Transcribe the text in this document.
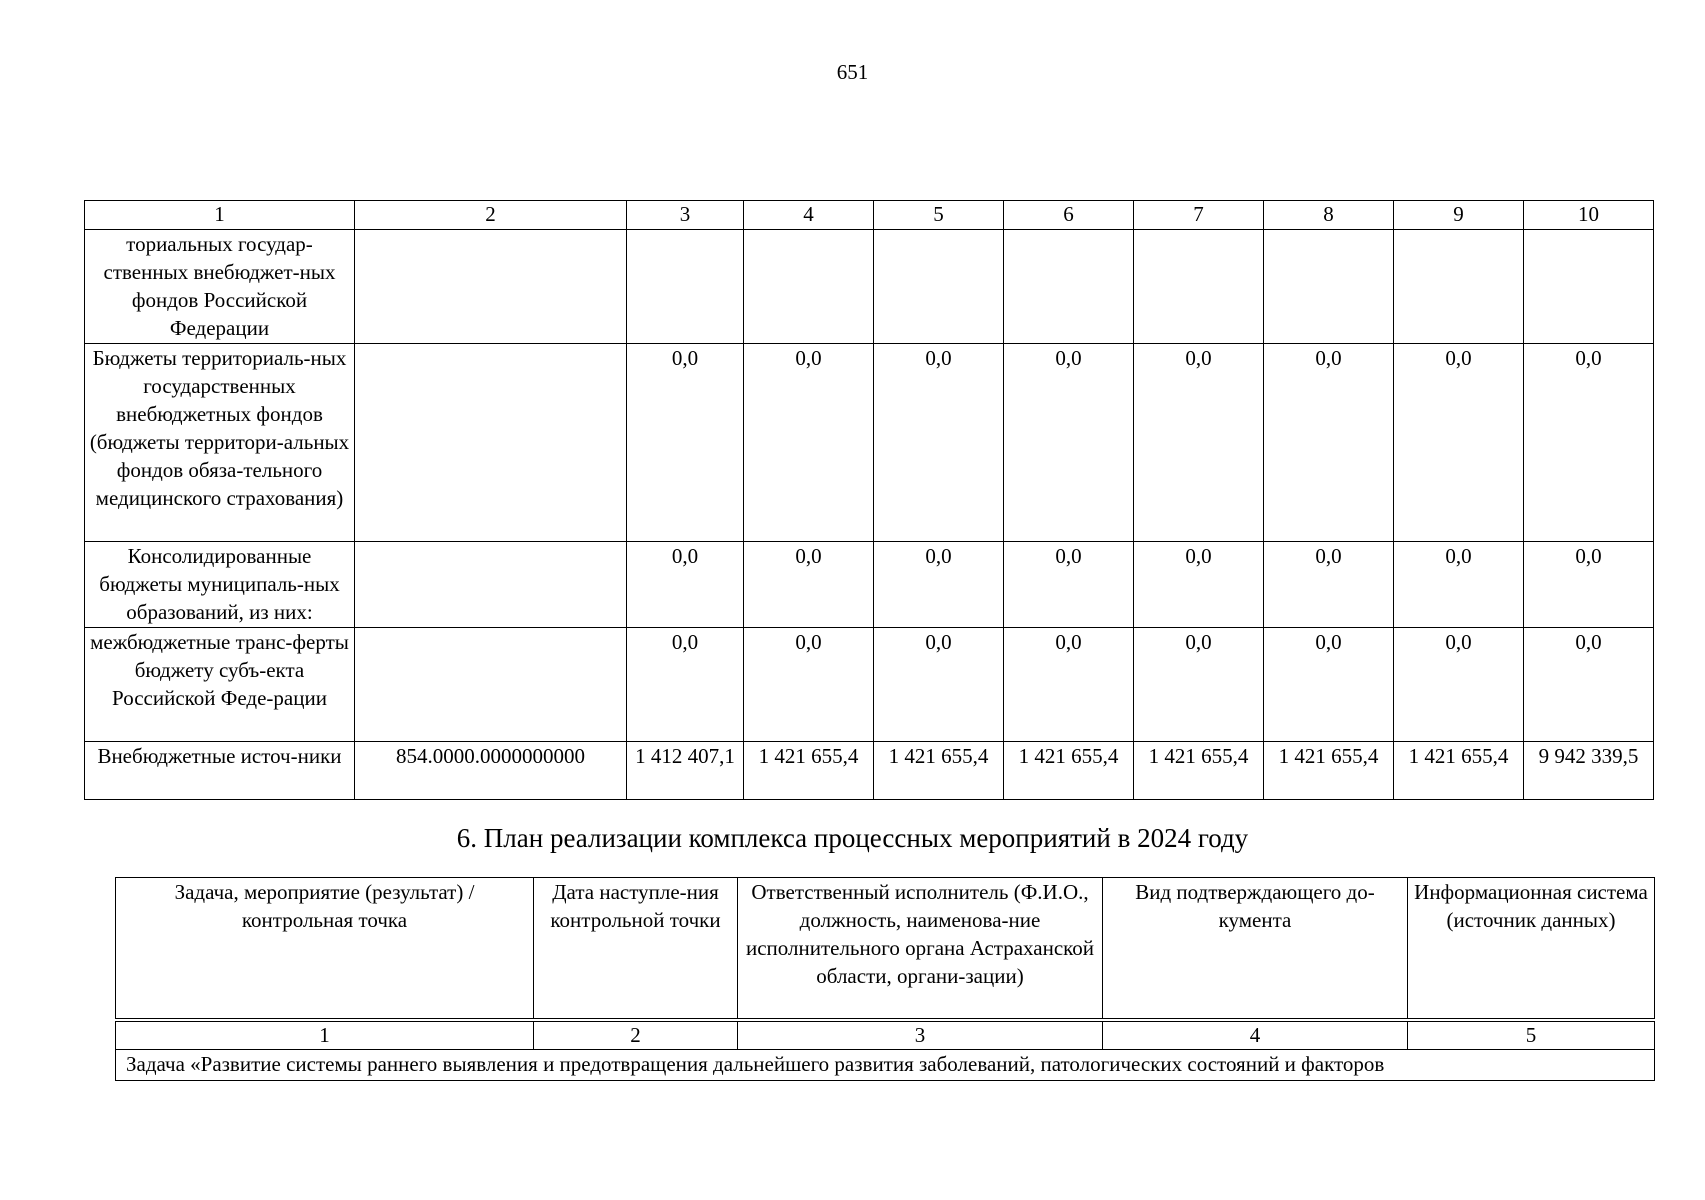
651
1	2	3	4	5	6	7	8	9	10
ториальных государ-ственных внебюджет-ных фондов Российской Федерации									
Бюджеты территориаль-ных государственных внебюджетных фондов (бюджеты территори-альных фондов обяза-тельного медицинского страхования)		0,0	0,0	0,0	0,0	0,0	0,0	0,0	0,0
Консолидированные бюджеты муниципаль-ных образований, из них:		0,0	0,0	0,0	0,0	0,0	0,0	0,0	0,0
межбюджетные транс-ферты бюджету субъ-екта Российской Феде-рации		0,0	0,0	0,0	0,0	0,0	0,0	0,0	0,0
Внебюджетные источ-ники	854.0000.0000000000	1 412 407,1	1 421 655,4	1 421 655,4	1 421 655,4	1 421 655,4	1 421 655,4	1 421 655,4	9 942 339,5
6. План реализации комплекса процессных мероприятий в 2024 году
Задача, мероприятие (результат) / контрольная точка	Дата наступле-ния контрольной точки	Ответственный исполнитель (Ф.И.О., должность, наименова-ние исполнительного органа Астраханской области, органи-зации)	Вид подтверждающего до-кумента	Информационная система (источник данных)
1	2	3	4	5
Задача «Развитие системы раннего выявления и предотвращения дальнейшего развития заболеваний, патологических состояний и факторов				
